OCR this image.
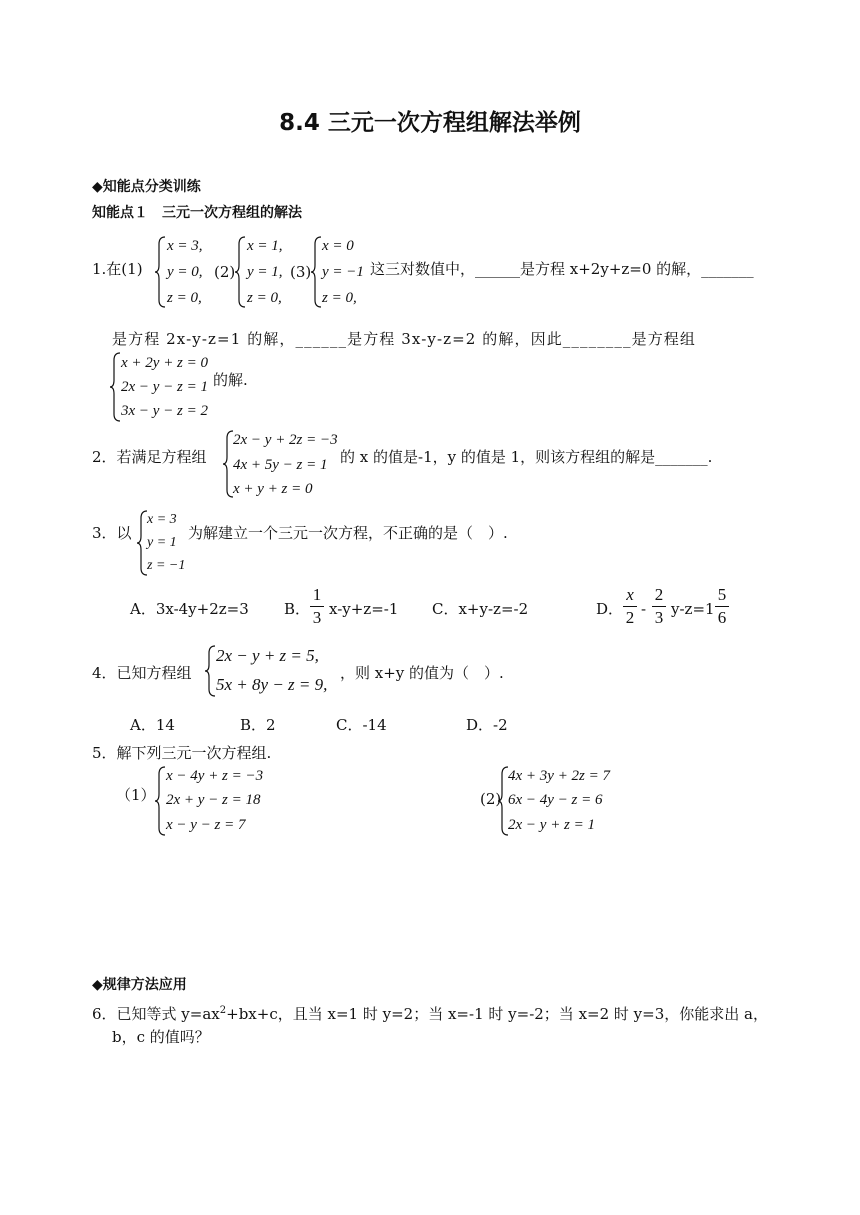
8.4 三元一次方程组解法举例
◆知能点分类训练
知能点１　三元一次方程组的解法
1.在(1)
x = 3,
y = 0,
z = 0,
(2)
x = 1,
y = 1,
z = 0,
(3)
x = 0
y = −1
z = 0,
这三对数值中，______是方程 x+2y+z=0 的解，_______
是方程 2x-y-z=1 的解，______是方程 3x-y-z=2 的解，因此________是方程组
x + 2y + z = 0
2x − y − z = 1
3x − y − z = 2
的解.
2．若满足方程组
2x − y + 2z = −3
4x + 5y − z = 1
x + y + z = 0
的 x 的值是-1，y 的值是 1，则该方程组的解是_______.
3．以
x = 3
y = 1
z = −1
为解建立一个三元一次方程，不正确的是（　）.
A．3x-4y+2z=3 B．
1
3 x-y+z=-1 C．x+y-z=-2	D．
x
2 -
2
3 y-z=1
5
6
4．已知方程组
2x − y + z = 5,
5x + 8y − z = 9,
，则 x+y 的值为（　）.
A．14	B．2	C．-14	D．-2
5．解下列三元一次方程组.
（1）
x − 4y + z = −3
2x + y − z = 18
x − y − z = 7
(2)
4x + 3y + 2z = 7
6x − 4y − z = 6
2x − y + z = 1
◆规律方法应用
6．已知等式 $y=ax^2+bx+c$，且当 x=1 时 y=2；当 x=-1 时 y=-2；当 x=2 时 y=3，你能求出 a，
b，c 的值吗？
